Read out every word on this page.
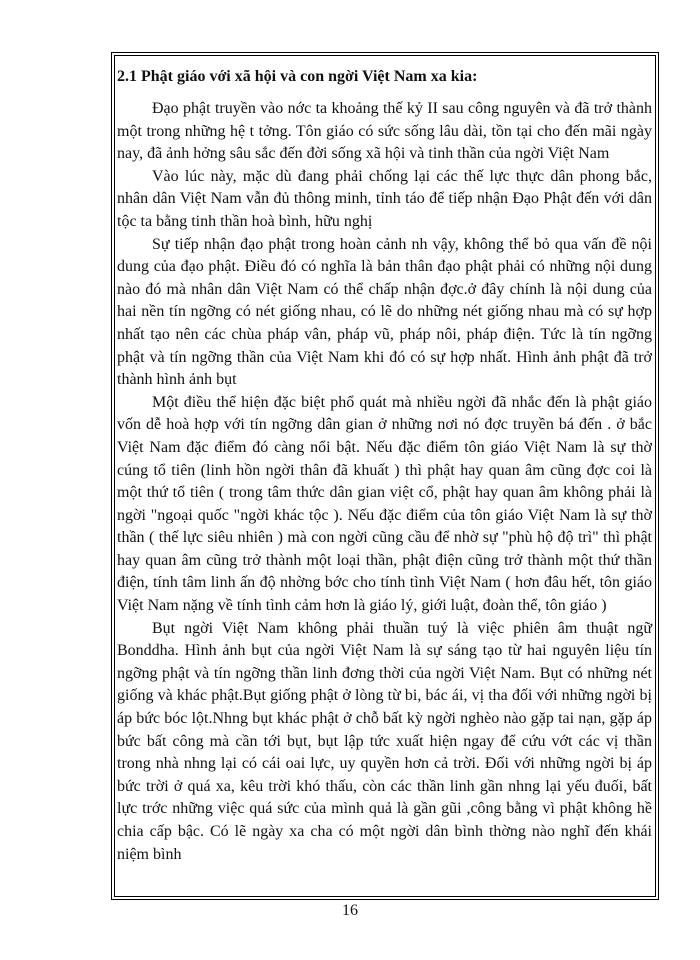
2.1 Phật giáo với xã hội và con ngời Việt Nam xa kia:

Đạo phật truyền vào nớc ta khoảng thế kỷ II sau công nguyên và đã trở thành một trong những hệ t tởng. Tôn giáo có sức sống lâu dài, tồn tại cho đến mãi ngày nay, đã ảnh hởng sâu sắc đến đời sống xã hội và tinh thần của ngời Việt Nam

Vào lúc này, mặc dù đang phải chống lại các thế lực thực dân phong bắc, nhân dân Việt Nam vẫn đủ thông minh, tỉnh táo để tiếp nhận Đạo Phật đến với dân tộc ta bằng tinh thần hoà bình, hữu nghị

Sự tiếp nhận đạo phật trong hoàn cảnh nh vậy, không thể bỏ qua vấn đề nội dung của đạo phật. Điều đó có nghĩa là bản thân đạo phật phải có những nội dung nào đó mà nhân dân Việt Nam có thể chấp nhận đợc.ở đây chính là nội dung của hai nền tín ngỡng có nét giống nhau, có lẽ do những nét giống nhau mà có sự hợp nhất tạo nên các chùa pháp vân, pháp vũ, pháp nôi, pháp điện. Tức là tín ngỡng phật và tín ngỡng thần của Việt Nam khi đó có sự hợp nhất. Hình ảnh phật đã trở thành hình ảnh bụt

Một điều thể hiện đặc biệt phổ quát mà nhiều ngời đã nhắc đến là phật giáo vốn dễ hoà hợp với tín ngỡng dân gian ở những nơi nó đợc truyền bá đến . ở bắc Việt Nam đặc điểm đó càng nổi bật. Nếu đặc điểm tôn giáo Việt Nam là sự thờ cúng tổ tiên (linh hồn ngời thân đã khuất ) thì phật hay quan âm cũng đợc coi là một thứ tổ tiên ( trong tâm thức dân gian việt cổ, phật hay quan âm không phải là ngời "ngoại quốc "ngời khác tộc ). Nếu đặc điểm của tôn giáo Việt Nam là sự thờ thần ( thế lực siêu nhiên ) mà con ngời cũng cầu để nhờ sự "phù hộ độ trì" thì phật hay quan âm cũng trở thành một loại thần, phật điện cũng trở thành một thứ thần điện, tính tâm linh ấn độ nhờng bớc cho tính tình Việt Nam ( hơn đâu hết, tôn giáo Việt Nam nặng về tính tình cảm hơn là giáo lý, giới luật, đoàn thể, tôn giáo )

Bụt ngời Việt Nam không phải thuần tuý là việc phiên âm thuật ngữ Bonddha. Hình ảnh bụt của ngời Việt Nam là sự sáng tạo từ hai nguyên liệu tín ngỡng phật và tín ngỡng thần linh đơng thời của ngời Việt Nam. Bụt có những nét giống và khác phật.Bụt giống phật ở lòng từ bi, bác ái, vị tha đối với những ngời bị áp bức bóc lột.Nhng bụt khác phật ở chỗ bất kỳ ngời nghèo nào gặp tai nạn, gặp áp bức bất công mà cần tới bụt, bụt lập tức xuất hiện ngay để cứu vớt các vị thần trong nhà nhng lại có cái oai lực, uy quyền hơn cả trời. Đối với những ngời bị áp bức trời ở quá xa, kêu trời khó thấu, còn các thần linh gần nhng lại yếu đuối, bất lực trớc những việc quá sức của mình quả là gần gũi ,công bằng vì phật không hề chia cấp bậc. Có lẽ ngày xa cha có một ngời dân bình thờng nào nghĩ đến khái niệm bình

16
